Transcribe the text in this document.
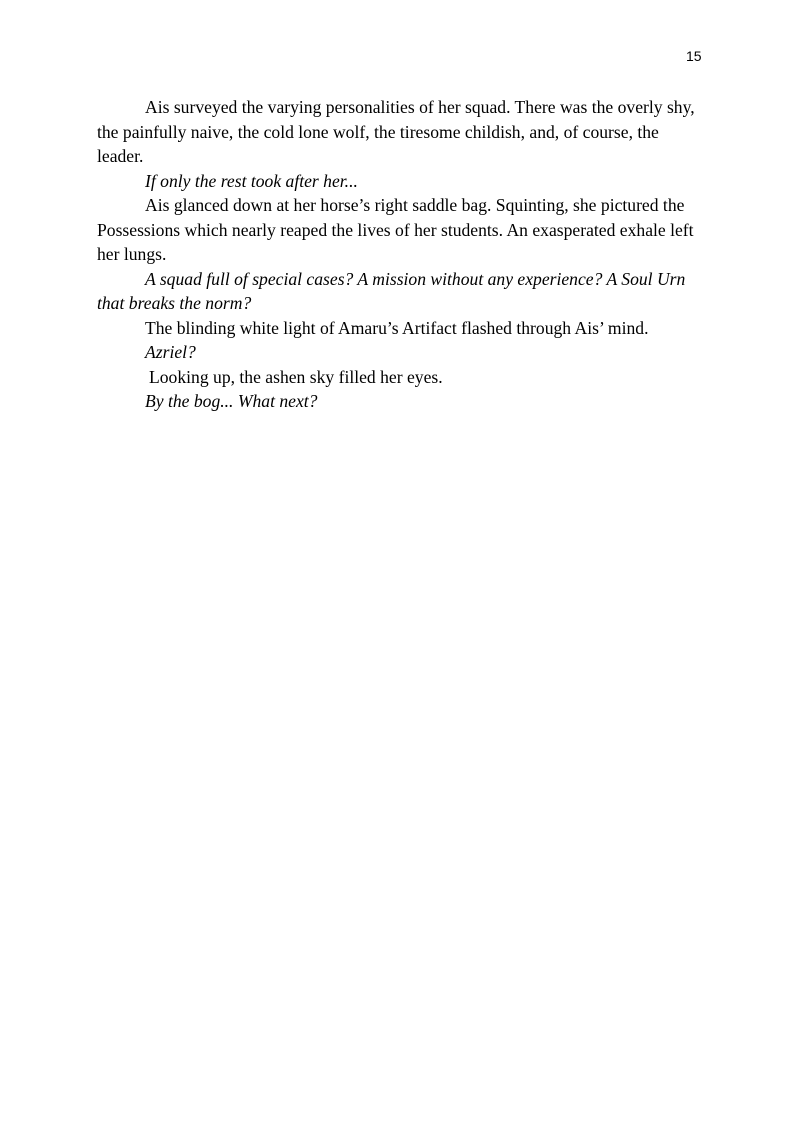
15

Ais surveyed the varying personalities of her squad. There was the overly shy, the painfully naive, the cold lone wolf, the tiresome childish, and, of course, the leader.

If only the rest took after her...

Ais glanced down at her horse’s right saddle bag. Squinting, she pictured the Possessions which nearly reaped the lives of her students. An exasperated exhale left her lungs.

A squad full of special cases? A mission without any experience? A Soul Urn that breaks the norm?

The blinding white light of Amaru’s Artifact flashed through Ais’ mind.

Azriel?

Looking up, the ashen sky filled her eyes.

By the bog... What next?
